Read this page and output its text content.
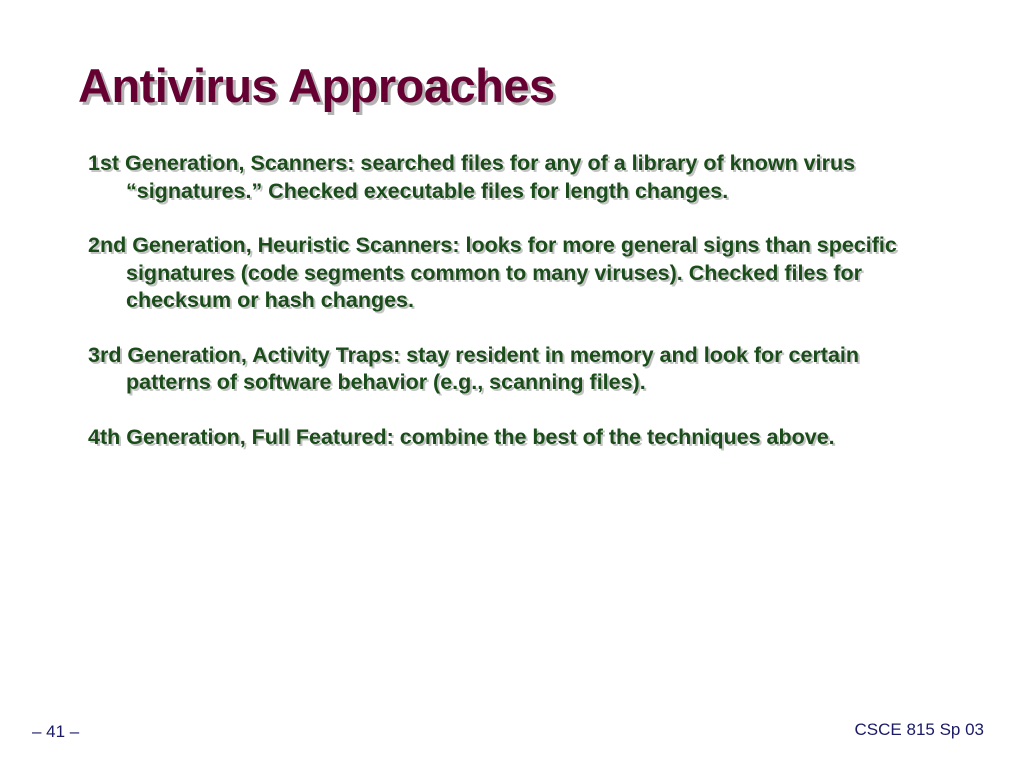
Antivirus Approaches
1st Generation, Scanners: searched files for any of a library of known virus “signatures.” Checked executable files for length changes.
2nd Generation, Heuristic Scanners: looks for more general signs than specific signatures (code segments common to many viruses). Checked files for checksum or hash changes.
3rd Generation, Activity Traps: stay resident in memory and look for certain patterns of software behavior (e.g., scanning files).
4th Generation, Full Featured: combine the best of the techniques above.
– 41 –	CSCE 815 Sp 03
